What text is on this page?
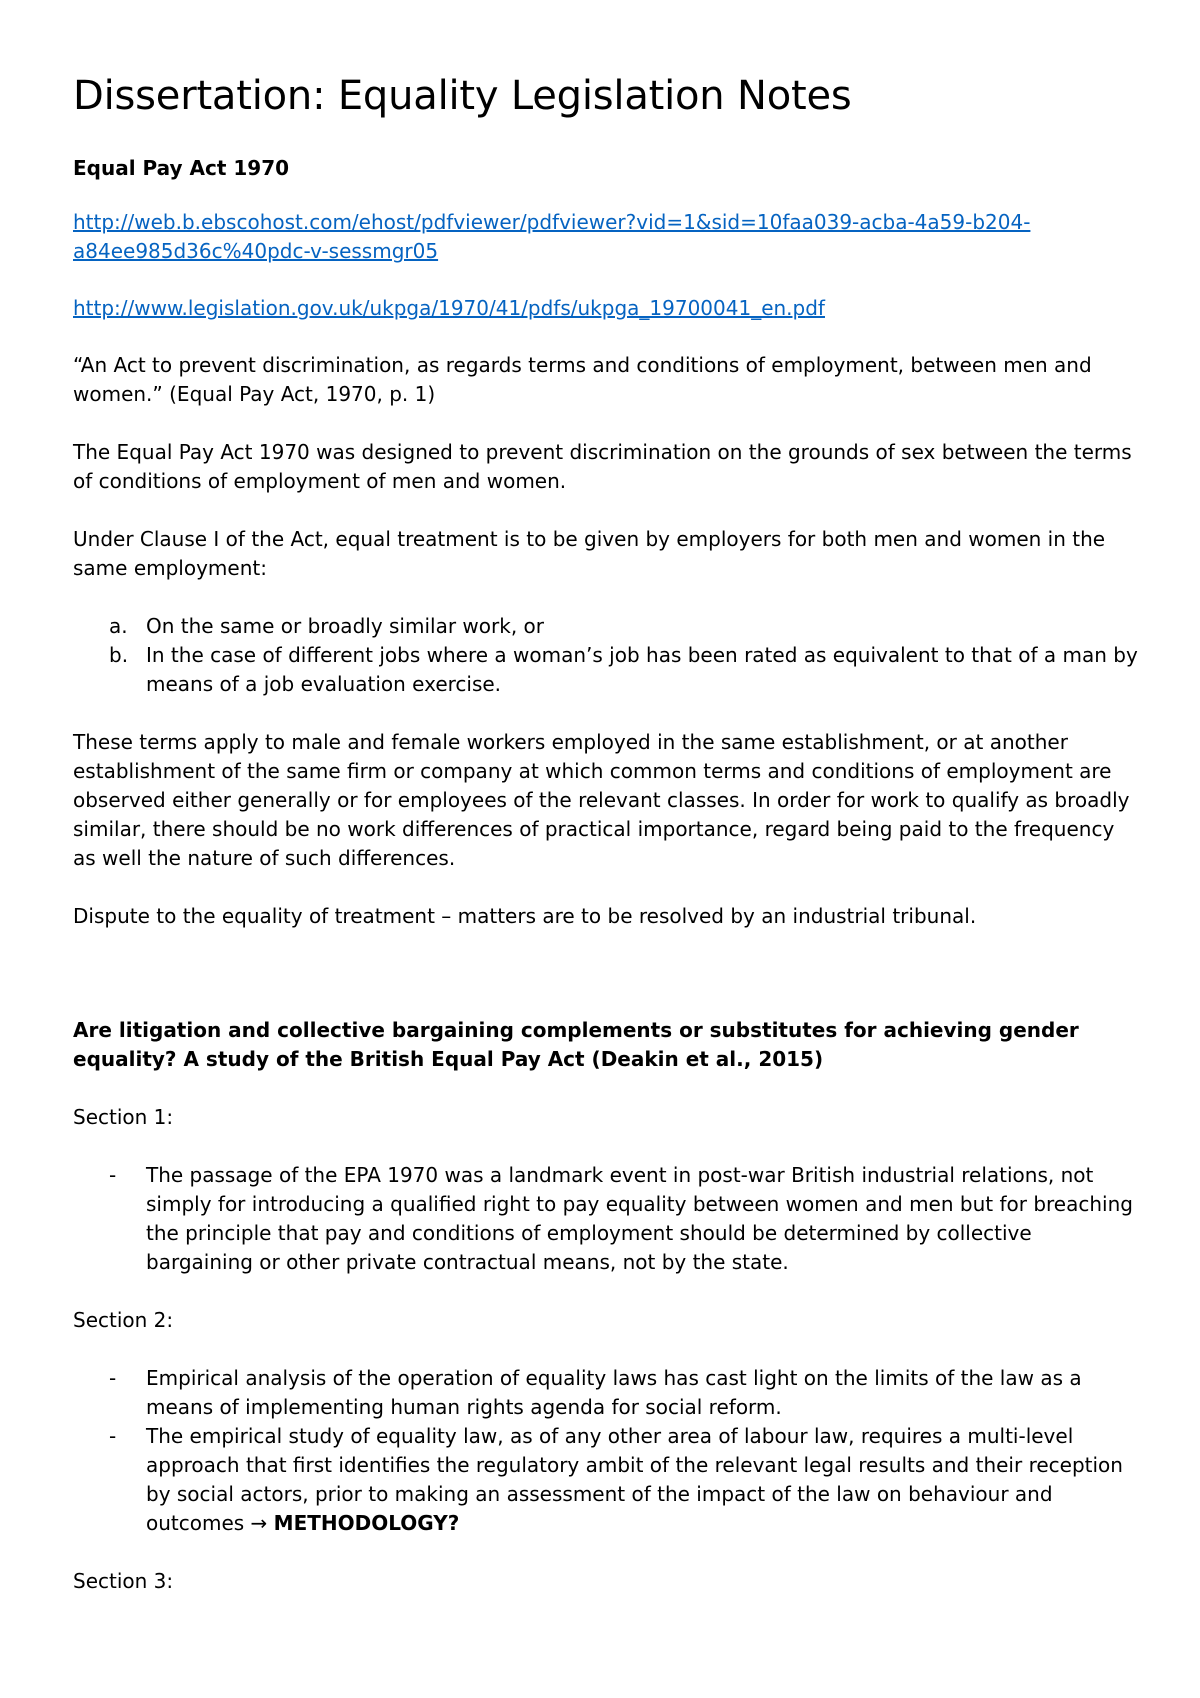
Dissertation: Equality Legislation Notes
Equal Pay Act 1970
http://web.b.ebscohost.com/ehost/pdfviewer/pdfviewer?vid=1&sid=10faa039-acba-4a59-b204-a84ee985d36c%40pdc-v-sessmgr05
http://www.legislation.gov.uk/ukpga/1970/41/pdfs/ukpga_19700041_en.pdf

“An Act to prevent discrimination, as regards terms and conditions of employment, between men and women.” (Equal Pay Act, 1970, p. 1)

The Equal Pay Act 1970 was designed to prevent discrimination on the grounds of sex between the terms of conditions of employment of men and women.

Under Clause I of the Act, equal treatment is to be given by employers for both men and women in the same employment:

a. On the same or broadly similar work, or
b. In the case of different jobs where a woman’s job has been rated as equivalent to that of a man by means of a job evaluation exercise.

These terms apply to male and female workers employed in the same establishment, or at another establishment of the same firm or company at which common terms and conditions of employment are observed either generally or for employees of the relevant classes. In order for work to qualify as broadly similar, there should be no work differences of practical importance, regard being paid to the frequency as well the nature of such differences.

Dispute to the equality of treatment – matters are to be resolved by an industrial tribunal.

Are litigation and collective bargaining complements or substitutes for achieving gender equality? A study of the British Equal Pay Act (Deakin et al., 2015)

Section 1:

- The passage of the EPA 1970 was a landmark event in post-war British industrial relations, not simply for introducing a qualified right to pay equality between women and men but for breaching the principle that pay and conditions of employment should be determined by collective bargaining or other private contractual means, not by the state.

Section 2:

- Empirical analysis of the operation of equality laws has cast light on the limits of the law as a means of implementing human rights agenda for social reform.
- The empirical study of equality law, as of any other area of labour law, requires a multi-level approach that first identifies the regulatory ambit of the relevant legal results and their reception by social actors, prior to making an assessment of the impact of the law on behaviour and outcomes → METHODOLOGY?

Section 3:
